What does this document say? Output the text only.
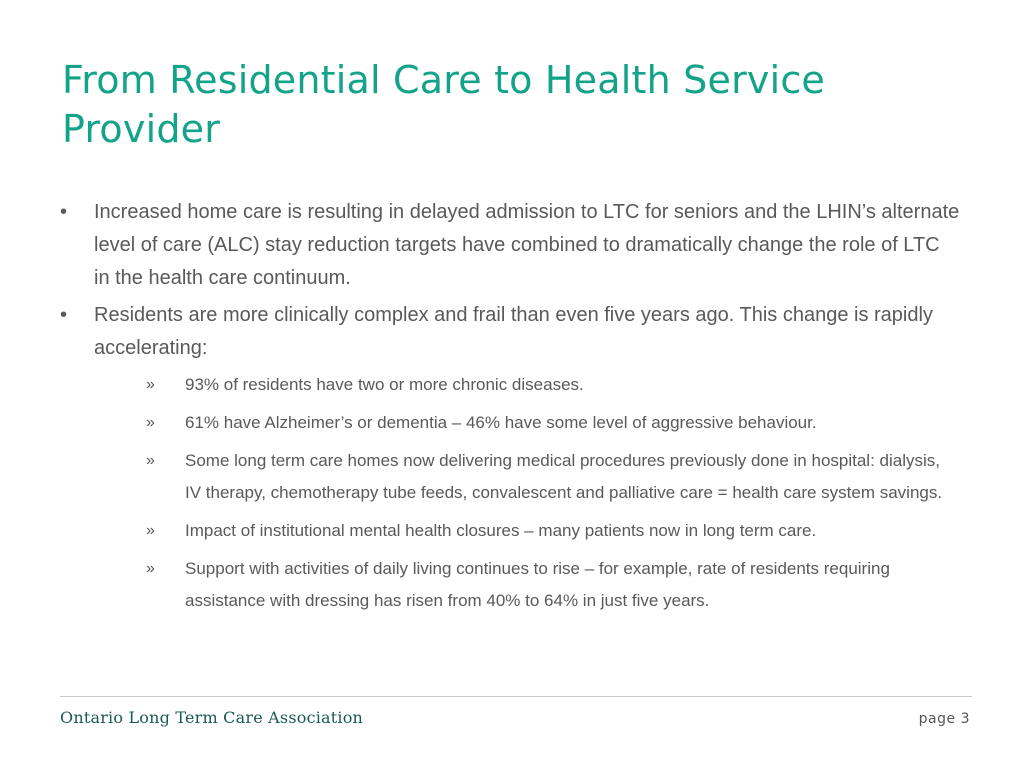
From Residential Care to Health Service Provider
•	Increased home care is resulting in delayed admission to LTC for seniors and the LHIN’s alternate level of care (ALC) stay reduction targets have combined to dramatically change the role of LTC in the health care continuum.
•	Residents are more clinically complex and frail than even five years ago. This change is rapidly accelerating:
»	93% of residents have two or more chronic diseases.
»	61% have Alzheimer’s or dementia – 46% have some level of aggressive behaviour.
»	Some long term care homes now delivering medical procedures previously done in hospital: dialysis, IV therapy, chemotherapy tube feeds, convalescent and palliative care = health care system savings.
»	Impact of institutional mental health closures – many patients now in long term care.
»	Support with activities of daily living continues to rise – for example, rate of residents requiring assistance with dressing has risen from 40% to 64% in just five years.
Ontario Long Term Care Association	page 3
